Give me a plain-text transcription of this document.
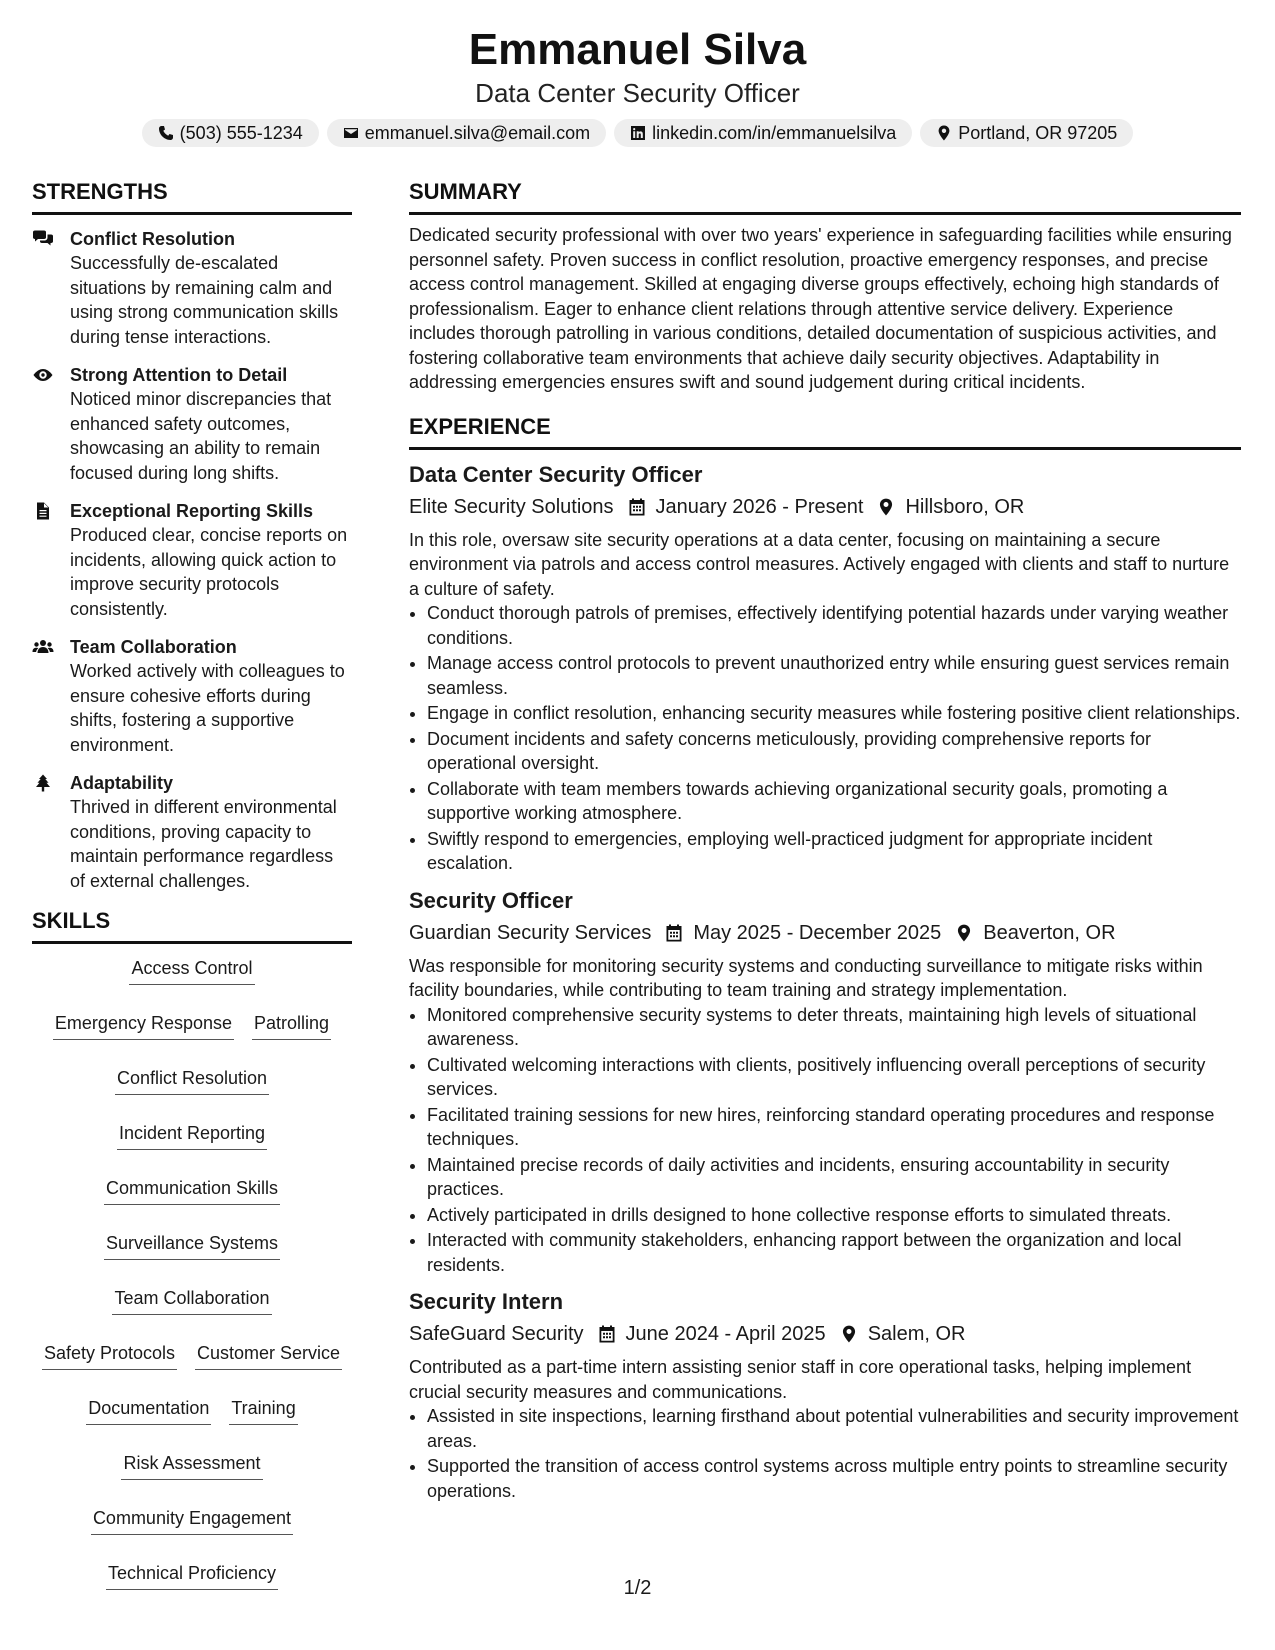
Emmanuel Silva
Data Center Security Officer
(503) 555-1234	emmanuel.silva@email.com	linkedin.com/in/emmanuelsilva	Portland, OR 97205
STRENGTHS
Conflict Resolution
Successfully de-escalated situations by remaining calm and using strong communication skills during tense interactions.
Strong Attention to Detail
Noticed minor discrepancies that enhanced safety outcomes, showcasing an ability to remain focused during long shifts.
Exceptional Reporting Skills
Produced clear, concise reports on incidents, allowing quick action to improve security protocols consistently.
Team Collaboration
Worked actively with colleagues to ensure cohesive efforts during shifts, fostering a supportive environment.
Adaptability
Thrived in different environmental conditions, proving capacity to maintain performance regardless of external challenges.
SKILLS
Access Control
Emergency Response Patrolling
Conflict Resolution
Incident Reporting
Communication Skills
Surveillance Systems
Team Collaboration
Safety Protocols Customer Service
Documentation Training
Risk Assessment
Community Engagement
Technical Proficiency
SUMMARY

Dedicated security professional with over two years' experience in safeguarding facilities while ensuring personnel safety. Proven success in conflict resolution, proactive emergency responses, and precise access control management. Skilled at engaging diverse groups effectively, echoing high standards of professionalism. Eager to enhance client relations through attentive service delivery. Experience includes thorough patrolling in various conditions, detailed documentation of suspicious activities, and fostering collaborative team environments that achieve daily security objectives. Adaptability in addressing emergencies ensures swift and sound judgement during critical incidents.

EXPERIENCE
Data Center Security Officer
Elite Security Solutions January 2026 - Present Hillsboro, OR
In this role, oversaw site security operations at a data center, focusing on maintaining a secure environment via patrols and access control measures. Actively engaged with clients and staff to nurture a culture of safety.
• Conduct thorough patrols of premises, effectively identifying potential hazards under varying weather conditions.
• Manage access control protocols to prevent unauthorized entry while ensuring guest services remain seamless.
• Engage in conflict resolution, enhancing security measures while fostering positive client relationships.
• Document incidents and safety concerns meticulously, providing comprehensive reports for operational oversight.
• Collaborate with team members towards achieving organizational security goals, promoting a supportive working atmosphere.
• Swiftly respond to emergencies, employing well-practiced judgment for appropriate incident escalation.
Security Officer
Guardian Security Services May 2025 - December 2025 Beaverton, OR
Was responsible for monitoring security systems and conducting surveillance to mitigate risks within facility boundaries, while contributing to team training and strategy implementation.
• Monitored comprehensive security systems to deter threats, maintaining high levels of situational awareness.
• Cultivated welcoming interactions with clients, positively influencing overall perceptions of security services.
• Facilitated training sessions for new hires, reinforcing standard operating procedures and response techniques.
• Maintained precise records of daily activities and incidents, ensuring accountability in security practices.
• Actively participated in drills designed to hone collective response efforts to simulated threats.
• Interacted with community stakeholders, enhancing rapport between the organization and local residents.
Security Intern
SafeGuard Security June 2024 - April 2025 Salem, OR
Contributed as a part-time intern assisting senior staff in core operational tasks, helping implement crucial security measures and communications.
• Assisted in site inspections, learning firsthand about potential vulnerabilities and security improvement areas.
• Supported the transition of access control systems across multiple entry points to streamline security operations.
1/2
